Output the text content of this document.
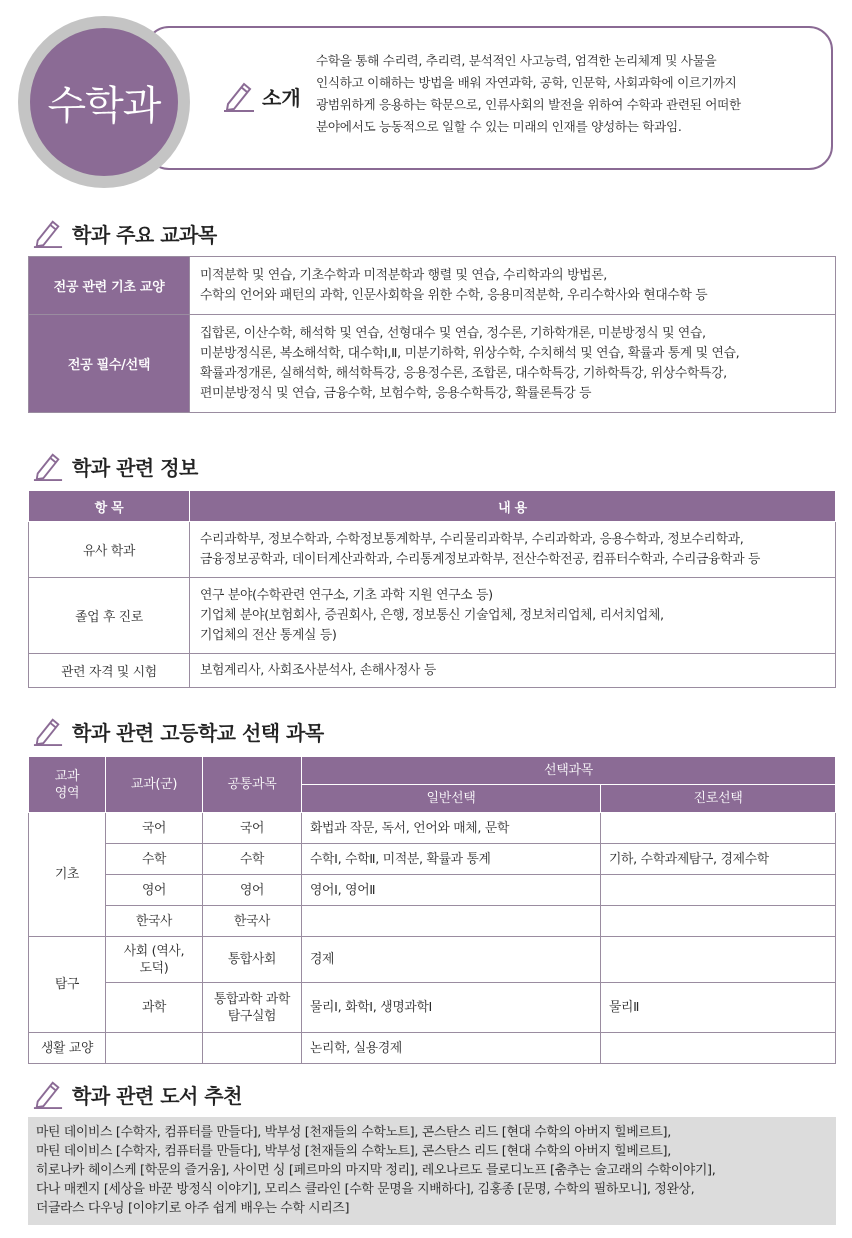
수학과	소개
수학을 통해 수리력, 추리력, 분석적인 사고능력, 엄격한 논리체계 및 사물을
인식하고 이해하는 방법을 배워 자연과학, 공학, 인문학, 사회과학에 이르기까지
광범위하게 응용하는 학문으로, 인류사회의 발전을 위하여 수학과 관련된 어떠한
분야에서도 능동적으로 일할 수 있는 미래의 인재를 양성하는 학과임.
학과 주요 교과목
전공 관련 기초 교양	미적분학 및 연습, 기초수학과 미적분학과 행렬 및 연습, 수리학과의 방법론,
수학의 언어와 패턴의 과학, 인문사회학을 위한 수학, 응용미적분학, 우리수학사와 현대수학 등

전공 필수/선택	집합론, 이산수학, 해석학 및 연습, 선형대수 및 연습, 정수론, 기하학개론, 미분방정식 및 연습,
미분방정식론, 복소해석학, 대수학Ⅰ,Ⅱ, 미분기하학, 위상수학, 수치해석 및 연습, 확률과 통계 및 연습,
확률과정개론, 실해석학, 해석학특강, 응용정수론, 조합론, 대수학특강, 기하학특강, 위상수학특강,
편미분방정식 및 연습, 금융수학, 보험수학, 응용수학특강, 확률론특강 등
학과 관련 정보
항 목	내 용
유사 학과	수리과학부, 정보수학과, 수학정보통계학부, 수리물리과학부, 수리과학과, 응용수학과, 정보수리학과,
금융정보공학과, 데이터계산과학과, 수리통계정보과학부, 전산수학전공, 컴퓨터수학과, 수리금융학과 등

졸업 후 진로	연구 분야(수학관련 연구소, 기초 과학 지원 연구소 등)
기업체 분야(보험회사, 증권회사, 은행, 정보통신 기술업체, 정보처리업체, 리서치업체,
기업체의 전산 통계실 등)

관련 자격 및 시험	보험계리사, 사회조사분석사, 손해사정사 등
학과 관련 고등학교 선택 과목
교과 영역	교과(군)	공통과목	선택과목	
			일반선택	진로선택
기초	국어	국어	화법과 작문, 독서, 언어와 매체, 문학	
	수학	수학	수학Ⅰ, 수학Ⅱ, 미적분, 확률과 통계	기하, 수학과제탐구, 경제수학
	영어	영어	영어Ⅰ, 영어Ⅱ	
	한국사	한국사		
탐구	사회 (역사,도덕)	통합사회	경제	
	과학	통합과학 과학탐구실험	물리Ⅰ, 화학Ⅰ, 생명과학Ⅰ	물리Ⅱ
생활 교양			논리학, 실용경제	
학과 관련 도서 추천
마틴 데이비스 [수학자, 컴퓨터를 만들다], 박부성 [천재들의 수학노트], 콘스탄스 리드 [현대 수학의 아버지 힐베르트],
마틴 데이비스 [수학자, 컴퓨터를 만들다], 박부성 [천재들의 수학노트], 콘스탄스 리드 [현대 수학의 아버지 힐베르트],
히로나카 헤이스케 [학문의 즐거움], 사이먼 싱 [페르마의 마지막 정리], 레오나르도 믈로디노프 [춤추는 술고래의 수학이야기],
다나 매켄지 [세상을 바꾼 방정식 이야기], 모리스 클라인 [수학 문명을 지배하다], 김홍종 [문명, 수학의 필하모니], 정완상,
더글라스 다우닝 [이야기로 아주 쉽게 배우는 수학 시리즈]
